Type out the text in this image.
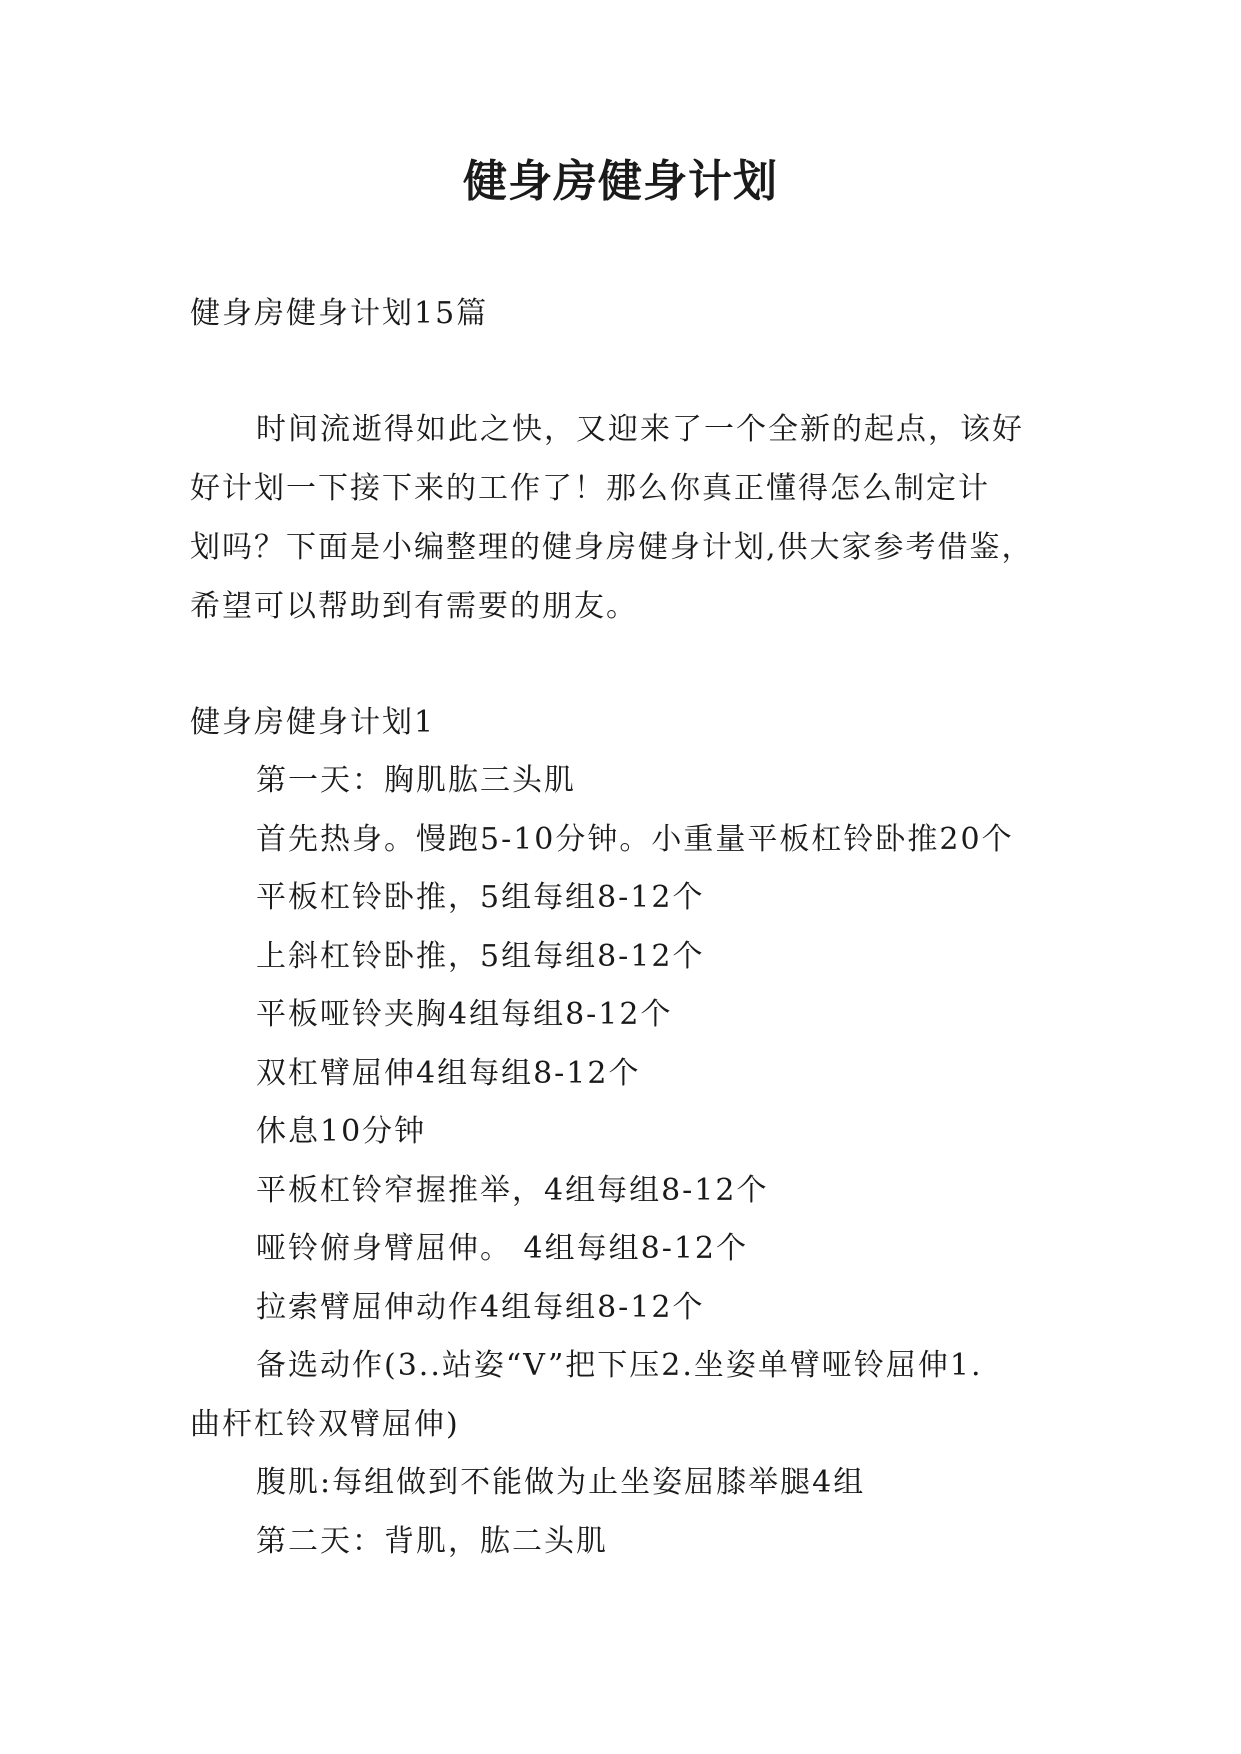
健身房健身计划
健身房健身计划15篇
时间流逝得如此之快，又迎来了一个全新的起点，该好
好计划一下接下来的工作了！那么你真正懂得怎么制定计
划吗？下面是小编整理的健身房健身计划,供大家参考借鉴，
希望可以帮助到有需要的朋友。
健身房健身计划1
第一天：胸肌肱三头肌
首先热身。慢跑5-10分钟。小重量平板杠铃卧推20个
平板杠铃卧推，5组每组8-12个
上斜杠铃卧推，5组每组8-12个
平板哑铃夹胸4组每组8-12个
双杠臂屈伸4组每组8-12个
休息10分钟
平板杠铃窄握推举，4组每组8-12个
哑铃俯身臂屈伸。 4组每组8-12个
拉索臂屈伸动作4组每组8-12个
备选动作(3..站姿“V”把下压2.坐姿单臂哑铃屈伸1.
曲杆杠铃双臂屈伸)
腹肌:每组做到不能做为止坐姿屈膝举腿4组
第二天：背肌，肱二头肌
